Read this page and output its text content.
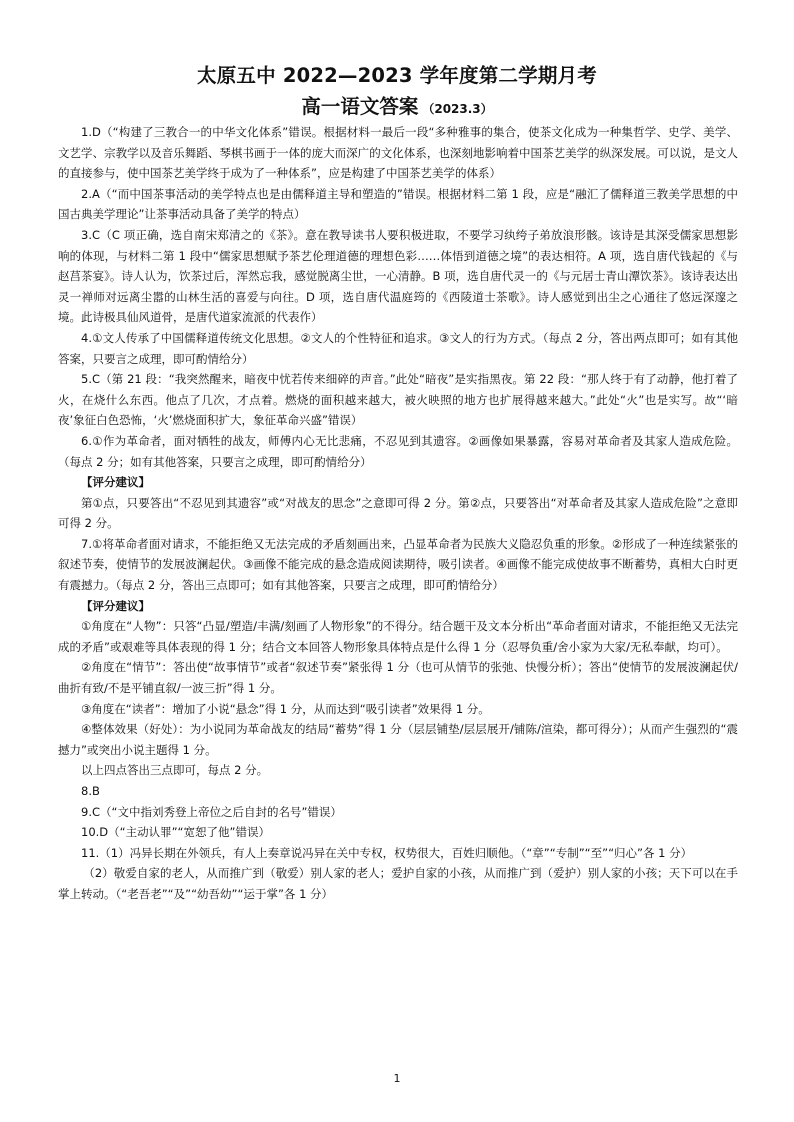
太原五中 2022—2023 学年度第二学期月考
高一语文答案 （2023.3）

1.D（“构建了三教合一的中华文化体系”错误。根据材料一最后一段“多种雅事的集合，使茶文化成为一种集哲学、史学、美学、文艺学、宗教学以及音乐舞蹈、琴棋书画于一体的庞大而深广的文化体系，也深刻地影响着中国茶艺美学的纵深发展。可以说，是文人的直接参与，使中国茶艺美学终于成为了一种体系”，应是构建了中国茶艺美学的体系）

2.A（“而中国茶事活动的美学特点也是由儒释道主导和塑造的”错误。根据材料二第 1 段，应是“融汇了儒释道三教美学思想的中国古典美学理论”让茶事活动具备了美学的特点）

3.C（C 项正确，选自南宋郑清之的《茶》。意在教导读书人要积极进取，不要学习纨绔子弟放浪形骸。该诗是其深受儒家思想影响的体现，与材料二第 1 段中“儒家思想赋予茶艺伦理道德的理想色彩……体悟到道德之境”的表达相符。A 项，选自唐代钱起的《与赵莒茶宴》。诗人认为，饮茶过后，浑然忘我，感觉脱离尘世，一心清静。B 项，选自唐代灵一的《与元居士青山潭饮茶》。该诗表达出灵一禅师对远离尘嚣的山林生活的喜爱与向往。D 项，选自唐代温庭筠的《西陵道士茶歌》。诗人感觉到出尘之心通往了悠远深邃之境。此诗极具仙风道骨，是唐代道家流派的代表作）

4.①文人传承了中国儒释道传统文化思想。②文人的个性特征和追求。③文人的行为方式。（每点 2 分，答出两点即可；如有其他答案，只要言之成理，即可酌情给分）

5.C（第 21 段：“我突然醒来，暗夜中忧若传来细碎的声音。”此处“暗夜”是实指黑夜。第 22 段：“那人终于有了动静，他打着了火，在烧什么东西。他点了几次，才点着。燃烧的面积越来越大，被火映照的地方也扩展得越来越大。”此处“火”也是实写。故“‘暗夜’象征白色恐怖，‘火’燃烧面积扩大，象征革命兴盛”错误）

6.①作为革命者，面对牺牲的战友，师傅内心无比悲痛，不忍见到其遗容。②画像如果暴露，容易对革命者及其家人造成危险。（每点 2 分；如有其他答案，只要言之成理，即可酌情给分）

【评分建议】

第①点，只要答出“不忍见到其遗容”或“对战友的思念”之意即可得 2 分。第②点，只要答出“对革命者及其家人造成危险”之意即可得 2 分。

7.①将革命者面对请求，不能拒绝又无法完成的矛盾刻画出来，凸显革命者为民族大义隐忍负重的形象。②形成了一种连续紧张的叙述节奏，使情节的发展波澜起伏。③画像不能完成的悬念造成阅读期待，吸引读者。④画像不能完成使故事不断蓄势，真相大白时更有震撼力。（每点 2 分，答出三点即可；如有其他答案，只要言之成理，即可酌情给分）

【评分建议】

①角度在“人物”：只答“凸显/塑造/丰满/刻画了人物形象”的不得分。结合题干及文本分析出“革命者面对请求，不能拒绝又无法完成的矛盾”或艰难等具体表现的得 1 分；结合文本回答人物形象具体特点是什么得 1 分（忍辱负重/舍小家为大家/无私奉献，均可）。

②角度在“情节”：答出使“故事情节”或者“叙述节奏”紧张得 1 分（也可从情节的张弛、快慢分析）；答出“使情节的发展波澜起伏/曲折有致/不是平铺直叙/一波三折”得 1 分。

③角度在“读者”：增加了小说“悬念”得 1 分，从而达到“吸引读者”效果得 1 分。

④整体效果（好处）：为小说同为革命战友的结局“蓄势”得 1 分（层层铺垫/层层展开/铺陈/渲染，都可得分）；从而产生强烈的“震撼力”或突出小说主题得 1 分。

以上四点答出三点即可，每点 2 分。

8.B

9.C（“文中指刘秀登上帝位之后自封的名号”错误）

10.D（“主动认罪”“宽恕了他”错误）

11.（1）冯异长期在外领兵，有人上奏章说冯异在关中专权，权势很大，百姓归顺他。（“章”“专制”“至”“归心”各 1 分）

（2）敬爱自家的老人，从而推广到（敬爱）别人家的老人；爱护自家的小孩，从而推广到（爱护）别人家的小孩；天下可以在手掌上转动。（“老吾老”“及”“幼吾幼”“运于掌”各 1 分）

1
